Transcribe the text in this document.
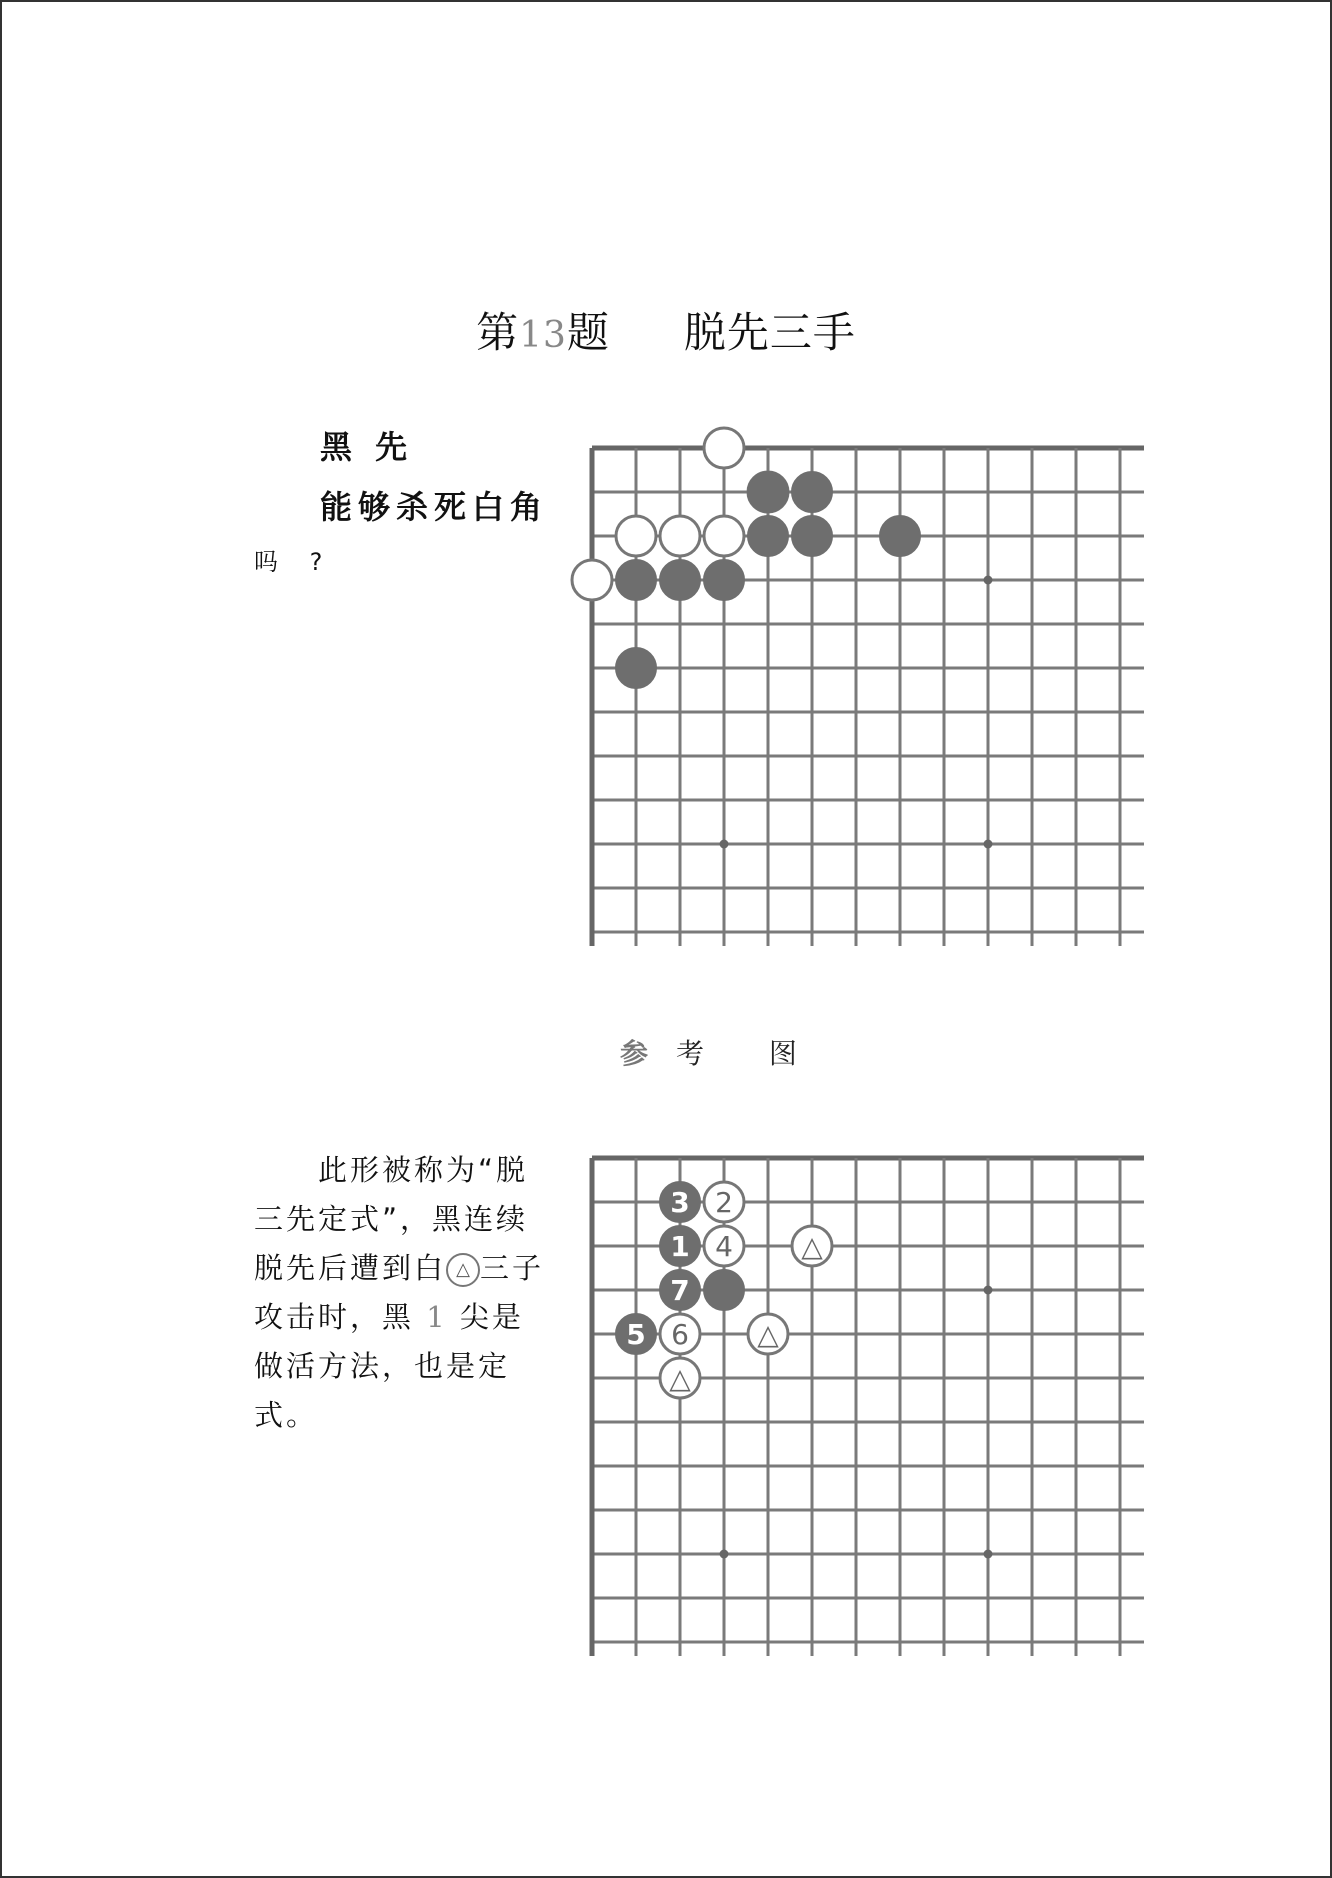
第13题 脱先三手
黑 先
能够杀死白角
吗 ?
参考 图

此形被称为“脱三先定式”，黑连续脱先后遭到白 △ 三子攻击时，黑 1 尖是做活方法，也是定式。

3 2
1 4 △
7
5 6 △
△
